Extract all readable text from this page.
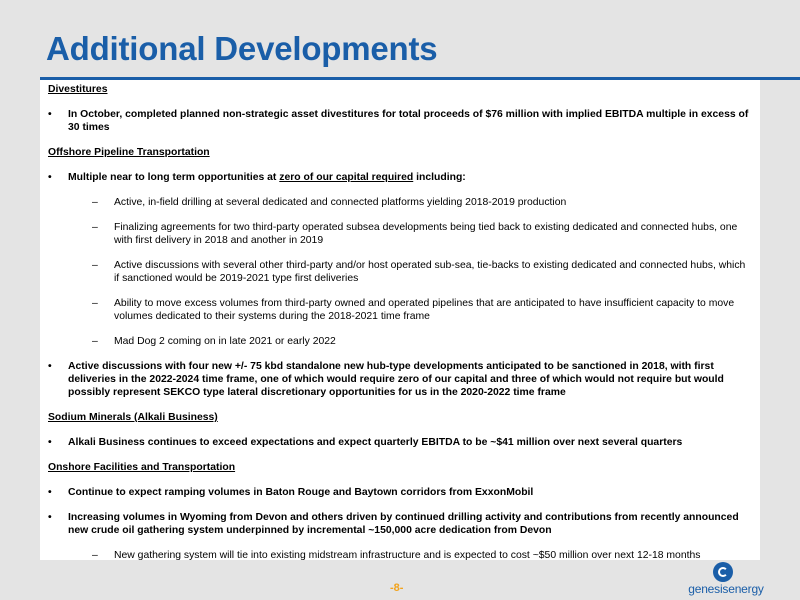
Additional Developments
Divestitures
• In October, completed planned non-strategic asset divestitures for total proceeds of $76 million with implied EBITDA multiple in excess of 30 times
Offshore Pipeline Transportation
• Multiple near to long term opportunities at zero of our capital required including:
– Active, in-field drilling at several dedicated and connected platforms yielding 2018-2019 production
– Finalizing agreements for two third-party operated subsea developments being tied back to existing dedicated and connected hubs, one with first delivery in 2018 and another in 2019
– Active discussions with several other third-party and/or host operated sub-sea, tie-backs to existing dedicated and connected hubs, which if sanctioned would be 2019-2021 type first deliveries
– Ability to move excess volumes from third-party owned and operated pipelines that are anticipated to have insufficient capacity to move volumes dedicated to their systems during the 2018-2021 time frame
– Mad Dog 2 coming on in late 2021 or early 2022
• Active discussions with four new +/- 75 kbd standalone new hub-type developments anticipated to be sanctioned in 2018, with first deliveries in the 2022-2024 time frame, one of which would require zero of our capital and three of which would not require but would possibly represent SEKCO type lateral discretionary opportunities for us in the 2020-2022 time frame
Sodium Minerals (Alkali Business)
• Alkali Business continues to exceed expectations and expect quarterly EBITDA to be ~$41 million over next several quarters
Onshore Facilities and Transportation
• Continue to expect ramping volumes in Baton Rouge and Baytown corridors from ExxonMobil
• Increasing volumes in Wyoming from Devon and others driven by continued drilling activity and contributions from recently announced new crude oil gathering system underpinned by incremental ~150,000 acre dedication from Devon
– New gathering system will tie into existing midstream infrastructure and is expected to cost ~$50 million over next 12-18 months
-8-	genesisenergy
